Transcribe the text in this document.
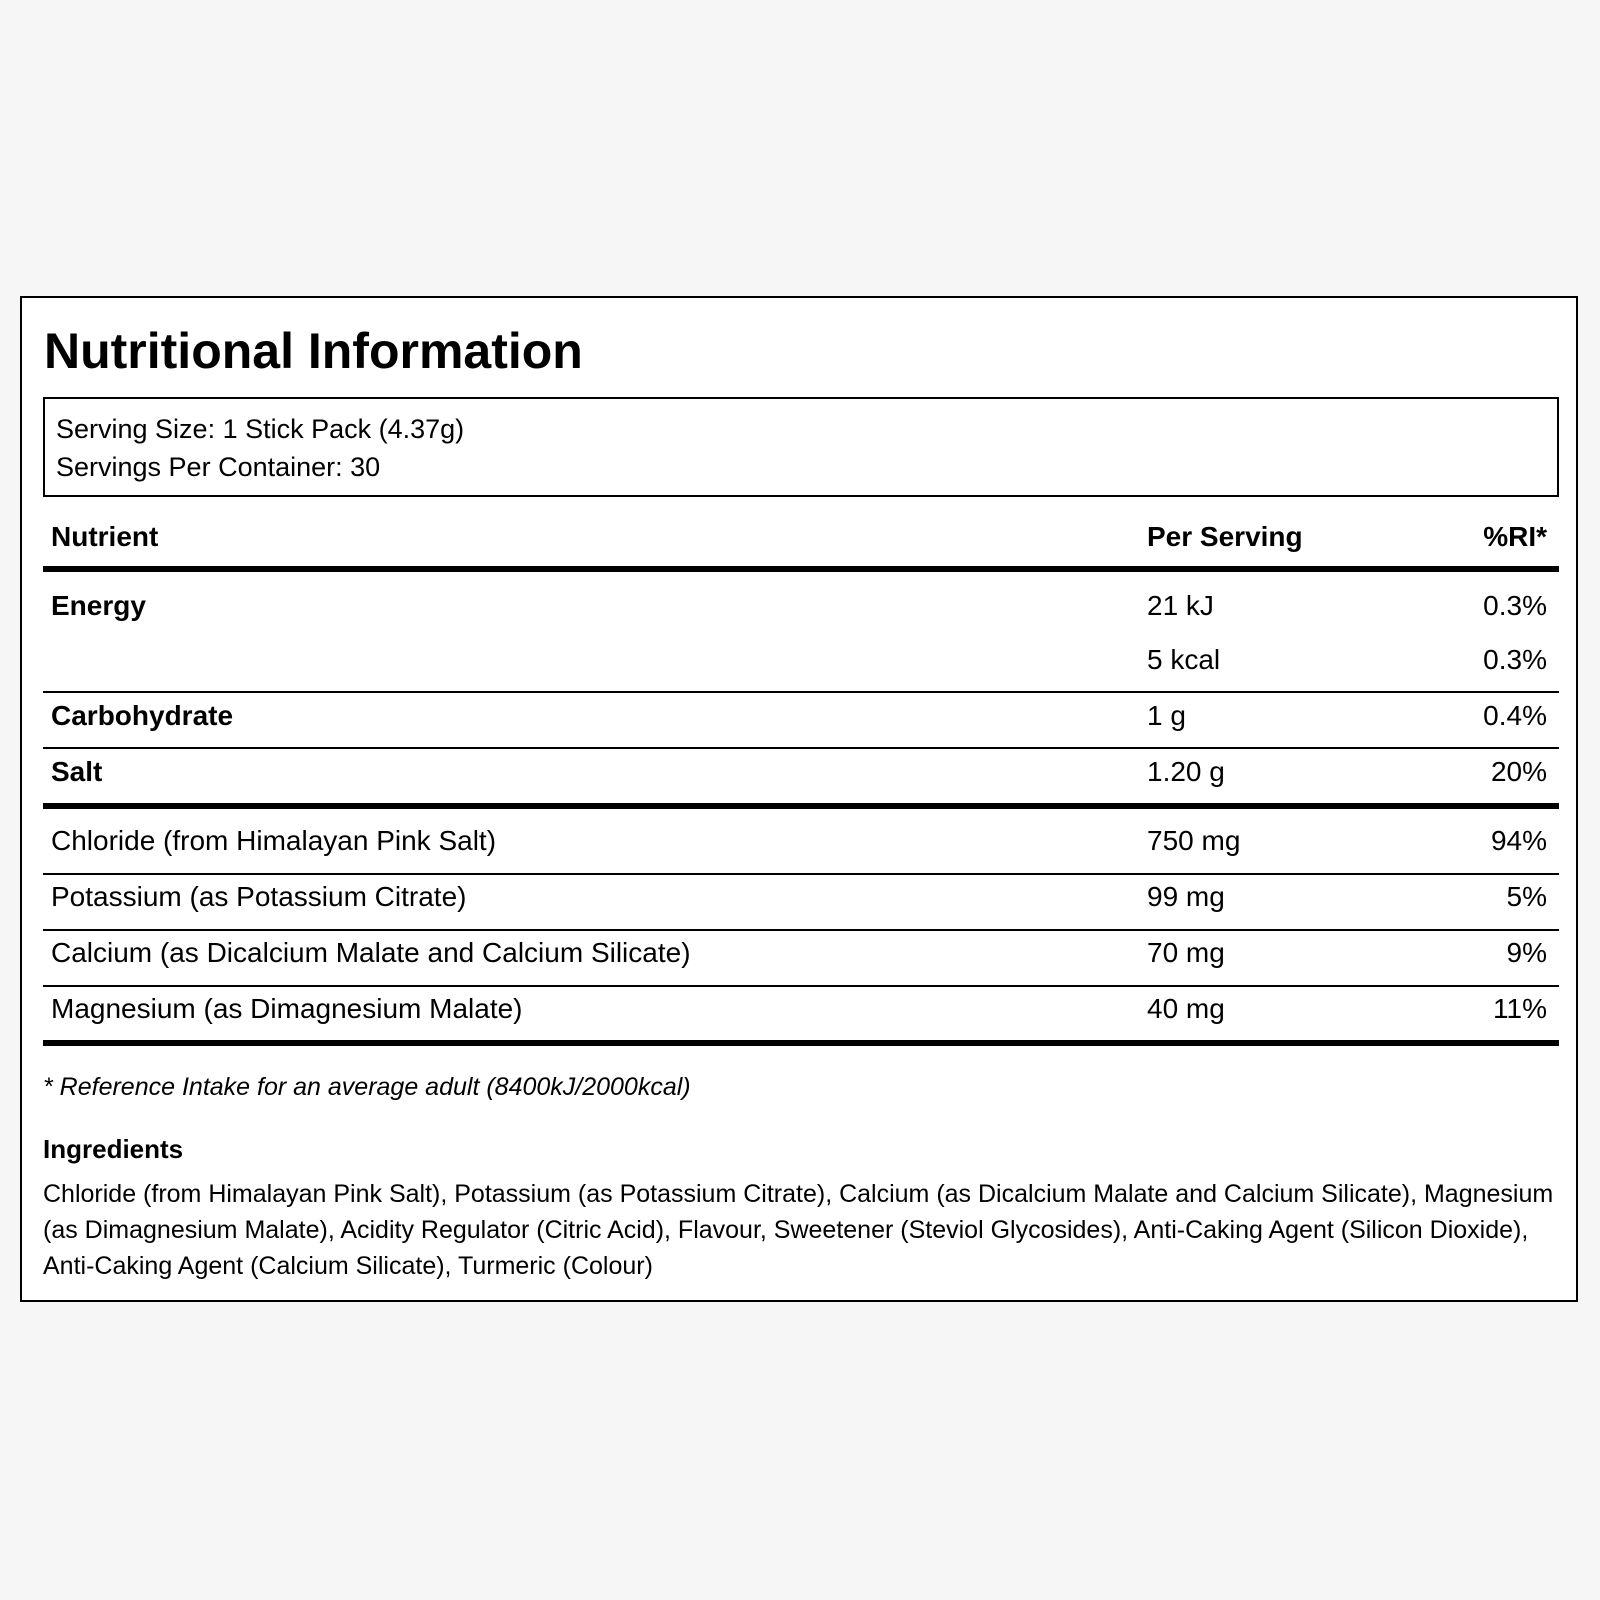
Nutritional Information
Serving Size: 1 Stick Pack (4.37g)
Servings Per Container: 30
Nutrient	Per Serving	%RI*
Energy	21 kJ	0.3%
5 kcal	0.3%
Carbohydrate	1 g	0.4%
Salt	1.20 g	20%
Chloride (from Himalayan Pink Salt)	750 mg	94%
Potassium (as Potassium Citrate)	99 mg	5%
Calcium (as Dicalcium Malate and Calcium Silicate)	70 mg	9%
Magnesium (as Dimagnesium Malate)	40 mg	11%
* Reference Intake for an average adult (8400kJ/2000kcal)
Ingredients

Chloride (from Himalayan Pink Salt), Potassium (as Potassium Citrate), Calcium (as Dicalcium Malate and Calcium Silicate), Magnesium (as Dimagnesium Malate), Acidity Regulator (Citric Acid), Flavour, Sweetener (Steviol Glycosides), Anti-Caking Agent (Silicon Dioxide), Anti-Caking Agent (Calcium Silicate), Turmeric (Colour)
